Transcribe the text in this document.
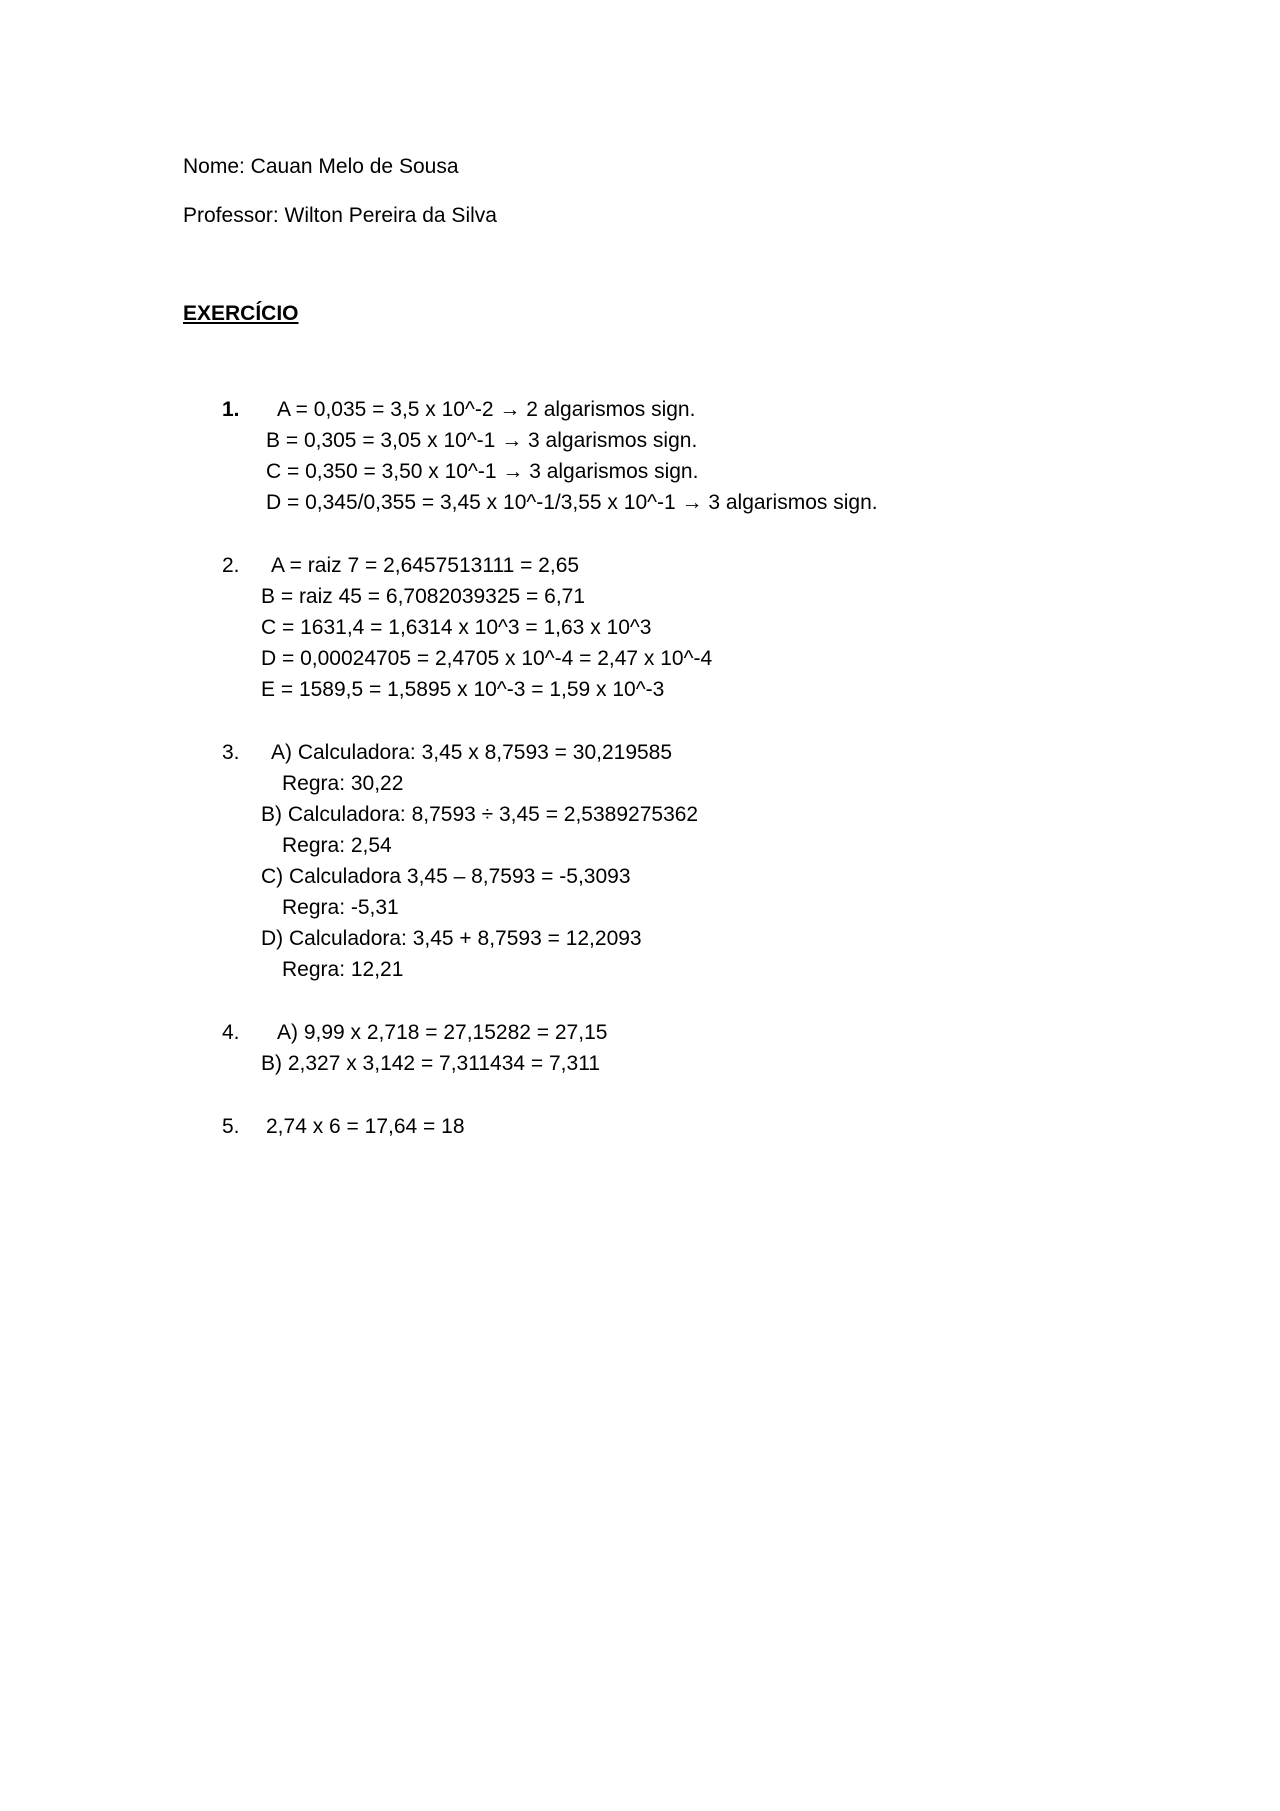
Nome: Cauan Melo de Sousa
Professor: Wilton Pereira da Silva
EXERCÍCIO
1. A = 0,035 = 3,5 x 10^-2 → 2 algarismos sign.
B = 0,305 = 3,05 x 10^-1 → 3 algarismos sign.
C = 0,350 = 3,50 x 10^-1 → 3 algarismos sign.
D = 0,345/0,355 = 3,45 x 10^-1/3,55 x 10^-1 → 3 algarismos sign.
2. A = raiz 7 = 2,6457513111 = 2,65
B = raiz 45 = 6,7082039325 = 6,71
C = 1631,4 = 1,6314 x 10^3 = 1,63 x 10^3
D = 0,00024705 = 2,4705 x 10^-4 = 2,47 x 10^-4
E = 1589,5 = 1,5895 x 10^-3 = 1,59 x 10^-3
3. A) Calculadora: 3,45 x 8,7593 = 30,219585
Regra: 30,22
B) Calculadora: 8,7593 ÷ 3,45 = 2,5389275362
Regra: 2,54
C) Calculadora 3,45 – 8,7593 = -5,3093
Regra: -5,31
D) Calculadora: 3,45 + 8,7593 = 12,2093
Regra: 12,21
4. A) 9,99 x 2,718 = 27,15282 = 27,15
B) 2,327 x 3,142 = 7,311434 = 7,311
5. 2,74 x 6 = 17,64 = 18
